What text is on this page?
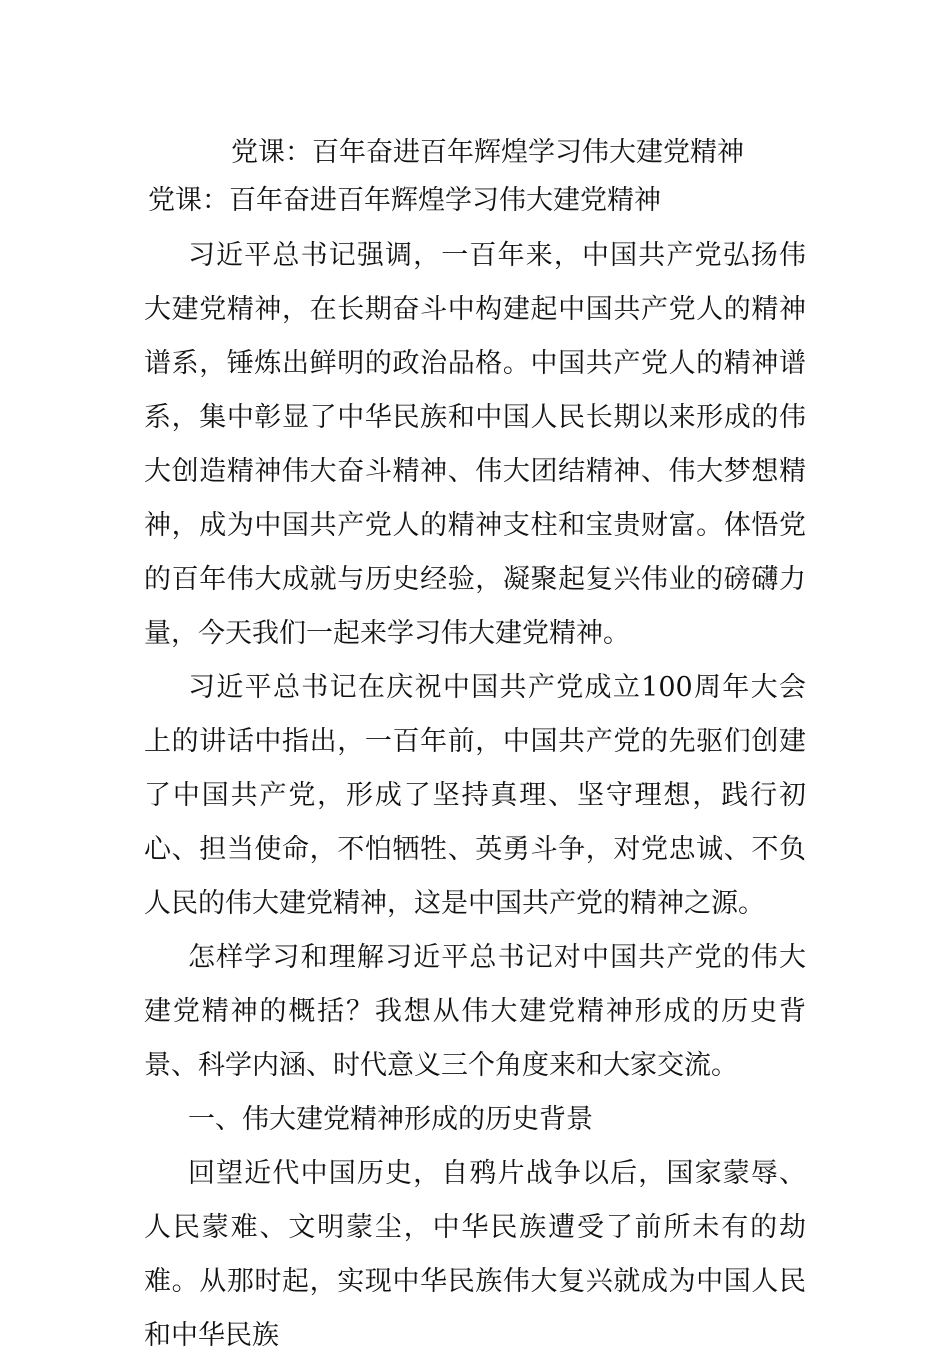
党课：百年奋进百年辉煌学习伟大建党精神
党课：百年奋进百年辉煌学习伟大建党精神

习近平总书记强调，一百年来，中国共产党弘扬伟大建党精神，在长期奋斗中构建起中国共产党人的精神谱系，锤炼出鲜明的政治品格。中国共产党人的精神谱系，集中彰显了中华民族和中国人民长期以来形成的伟大创造精神伟大奋斗精神、伟大团结精神、伟大梦想精神，成为中国共产党人的精神支柱和宝贵财富。体悟党的百年伟大成就与历史经验，凝聚起复兴伟业的磅礴力量，今天我们一起来学习伟大建党精神。

习近平总书记在庆祝中国共产党成立100周年大会上的讲话中指出，一百年前，中国共产党的先驱们创建了中国共产党，形成了坚持真理、坚守理想，践行初心、担当使命，不怕牺牲、英勇斗争，对党忠诚、不负人民的伟大建党精神，这是中国共产党的精神之源。

怎样学习和理解习近平总书记对中国共产党的伟大建党精神的概括？我想从伟大建党精神形成的历史背景、科学内涵、时代意义三个角度来和大家交流。

一、伟大建党精神形成的历史背景

回望近代中国历史，自鸦片战争以后，国家蒙辱、人民蒙难、文明蒙尘，中华民族遭受了前所未有的劫难。从那时起，实现中华民族伟大复兴就成为中国人民和中华民族
